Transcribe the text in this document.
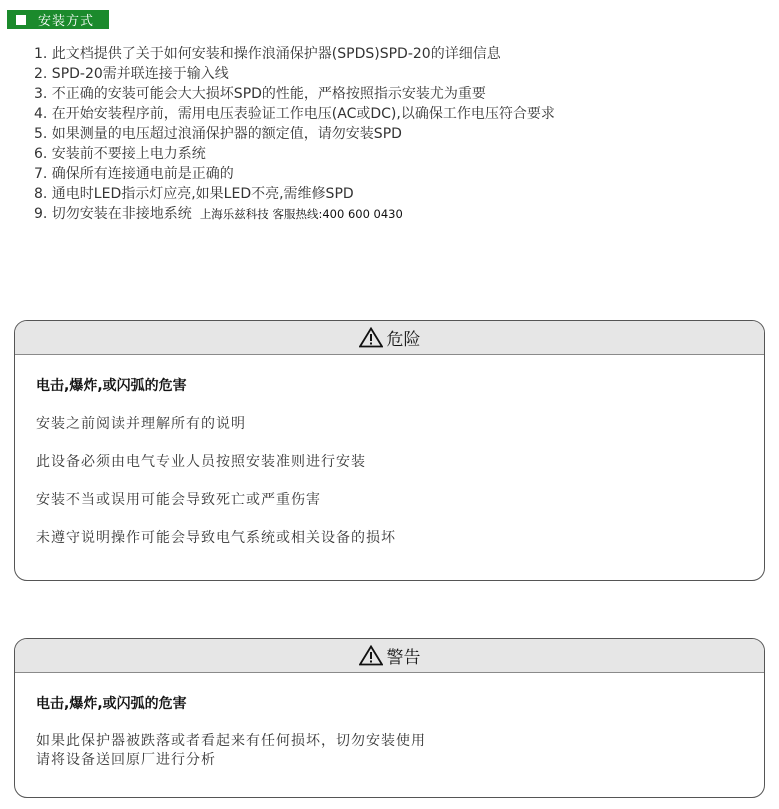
安装方式
1. 此文档提供了关于如何安装和操作浪涌保护器(SPDS)SPD-20的详细信息
2. SPD-20需并联连接于输入线
3. 不正确的安装可能会大大损坏SPD的性能，严格按照指示安装尤为重要
4. 在开始安装程序前，需用电压表验证工作电压(AC或DC),以确保工作电压符合要求
5. 如果测量的电压超过浪涌保护器的额定值，请勿安装SPD
6. 安装前不要接上电力系统
7. 确保所有连接通电前是正确的
8. 通电时LED指示灯应亮,如果LED不亮,需维修SPD
9. 切勿安装在非接地系统 上海乐兹科技 客服热线:400 600 0430
危险
电击,爆炸,或闪弧的危害
安装之前阅读并理解所有的说明
此设备必须由电气专业人员按照安装准则进行安装
安装不当或误用可能会导致死亡或严重伤害
未遵守说明操作可能会导致电气系统或相关设备的损坏
警告
电击,爆炸,或闪弧的危害
如果此保护器被跌落或者看起来有任何损坏，切勿安装使用
请将设备送回原厂进行分析
